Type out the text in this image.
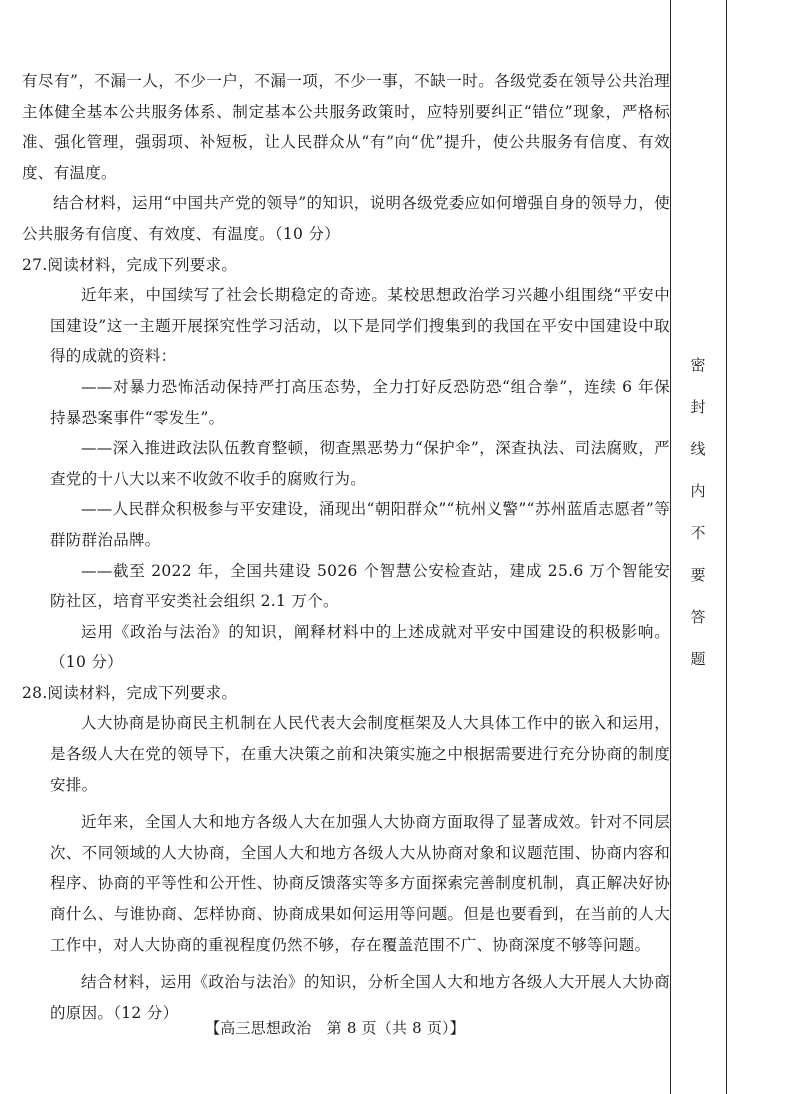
有尽有”，不漏一人，不少一户，不漏一项，不少一事，不缺一时。各级党委在领导公共治理主体健全基本公共服务体系、制定基本公共服务政策时，应特别要纠正“错位”现象，严格标准、强化管理，强弱项、补短板，让人民群众从“有”向“优”提升，使公共服务有信度、有效度、有温度。

结合材料，运用“中国共产党的领导”的知识，说明各级党委应如何增强自身的领导力，使公共服务有信度、有效度、有温度。（10 分）

27.阅读材料，完成下列要求。

近年来，中国续写了社会长期稳定的奇迹。某校思想政治学习兴趣小组围绕“平安中国建设”这一主题开展探究性学习活动，以下是同学们搜集到的我国在平安中国建设中取得的成就的资料：

——对暴力恐怖活动保持严打高压态势，全力打好反恐防恐“组合拳”，连续 6 年保持暴恐案事件“零发生”。

——深入推进政法队伍教育整顿，彻查黑恶势力“保护伞”，深查执法、司法腐败，严查党的十八大以来不收敛不收手的腐败行为。

——人民群众积极参与平安建设，涌现出“朝阳群众”“杭州义警”“苏州蓝盾志愿者”等群防群治品牌。

——截至 2022 年，全国共建设 5026 个智慧公安检查站，建成 25.6 万个智能安防社区，培育平安类社会组织 2.1 万个。

运用《政治与法治》的知识，阐释材料中的上述成就对平安中国建设的积极影响。（10 分）

28.阅读材料，完成下列要求。

人大协商是协商民主机制在人民代表大会制度框架及人大具体工作中的嵌入和运用，是各级人大在党的领导下，在重大决策之前和决策实施之中根据需要进行充分协商的制度安排。

近年来，全国人大和地方各级人大在加强人大协商方面取得了显著成效。针对不同层次、不同领域的人大协商，全国人大和地方各级人大从协商对象和议题范围、协商内容和程序、协商的平等性和公开性、协商反馈落实等多方面探索完善制度机制，真正解决好协商什么、与谁协商、怎样协商、协商成果如何运用等问题。但是也要看到，在当前的人大工作中，对人大协商的重视程度仍然不够，存在覆盖范围不广、协商深度不够等问题。

结合材料，运用《政治与法治》的知识，分析全国人大和地方各级人大开展人大协商的原因。（12 分）

密
封
线
内
不
要
答
题
【高三思想政治　第 8 页（共 8 页）】
